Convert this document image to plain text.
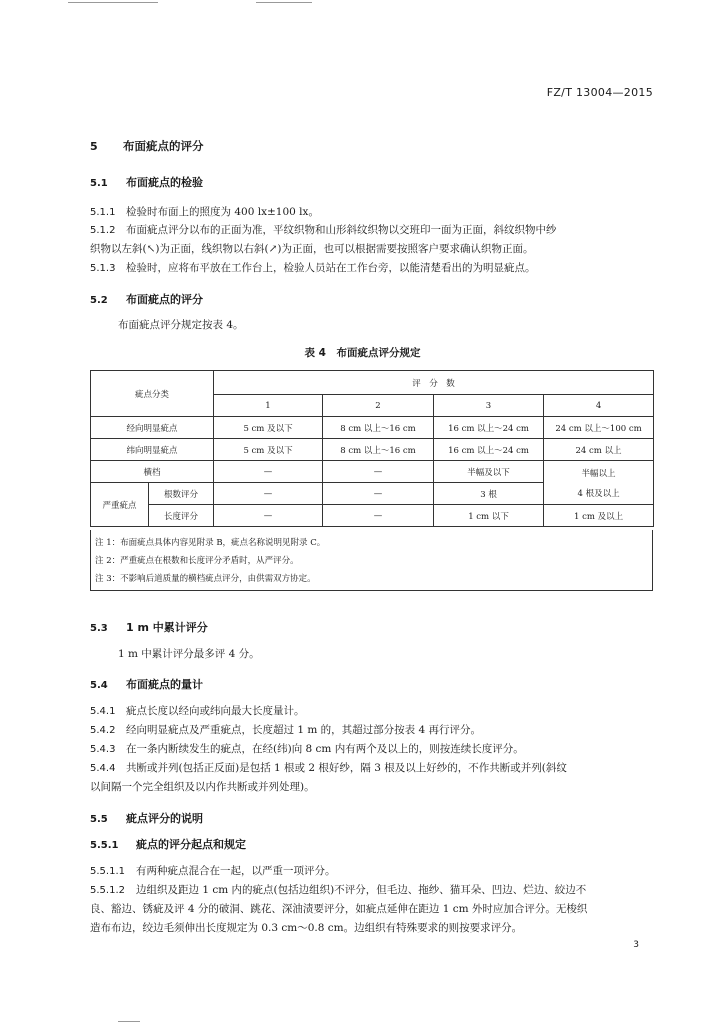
FZ/T 13004—2015
5 布面疵点的评分
5.1 布面疵点的检验
5.1.1 检验时布面上的照度为 400 lx±100 lx。
5.1.2 布面疵点评分以布的正面为准，平纹织物和山形斜纹织物以交班印一面为正面，斜纹织物中纱
织物以左斜(↖)为正面，线织物以右斜(↗)为正面，也可以根据需要按照客户要求确认织物正面。
5.1.3 检验时，应将布平放在工作台上，检验人员站在工作台旁，以能清楚看出的为明显疵点。
5.2 布面疵点的评分
布面疵点评分规定按表 4。
表 4　布面疵点评分规定
疵点分类		评　分　数			
		1	2	3	4
经向明显疵点		5 cm 及以下	8 cm 以上～16 cm	16 cm 以上～24 cm	24 cm 以上～100 cm
纬向明显疵点		5 cm 及以下	8 cm 以上～16 cm	16 cm 以上～24 cm	24 cm 以上
横档		—	—	半幅及以下	半幅以上
4 根及以上

严重疵点	根数评分	—	—	3 根	
	长度评分	—	—	1 cm 以下	1 cm 及以上
注 1：布面疵点具体内容见附录 B，疵点名称说明见附录 C。
注 2：严重疵点在根数和长度评分矛盾时，从严评分。
注 3：不影响后道质量的横档疵点评分，由供需双方协定。
5.3 1 m 中累计评分
1 m 中累计评分最多评 4 分。
5.4 布面疵点的量计
5.4.1 疵点长度以经向或纬向最大长度量计。
5.4.2 经向明显疵点及严重疵点，长度超过 1 m 的，其超过部分按表 4 再行评分。
5.4.3 在一条内断续发生的疵点，在经(纬)向 8 cm 内有两个及以上的，则按连续长度评分。
5.4.4 共断或并列(包括正反面)是包括 1 根或 2 根好纱，隔 3 根及以上好纱的，不作共断或并列(斜纹
以间隔一个完全组织及以内作共断或并列处理)。
5.5 疵点评分的说明
5.5.1 疵点的评分起点和规定
5.5.1.1 有两种疵点混合在一起，以严重一项评分。
5.5.1.2 边组织及距边 1 cm 内的疵点(包括边组织)不评分，但毛边、拖纱、猫耳朵、凹边、烂边、絞边不
良、豁边、锈疵及评 4 分的破洞、跳花、深油渍要评分，如疵点延伸在距边 1 cm 外时应加合评分。无梭织
造布布边，绞边毛须伸出长度规定为 0.3 cm～0.8 cm。边组织有特殊要求的则按要求评分。
3
